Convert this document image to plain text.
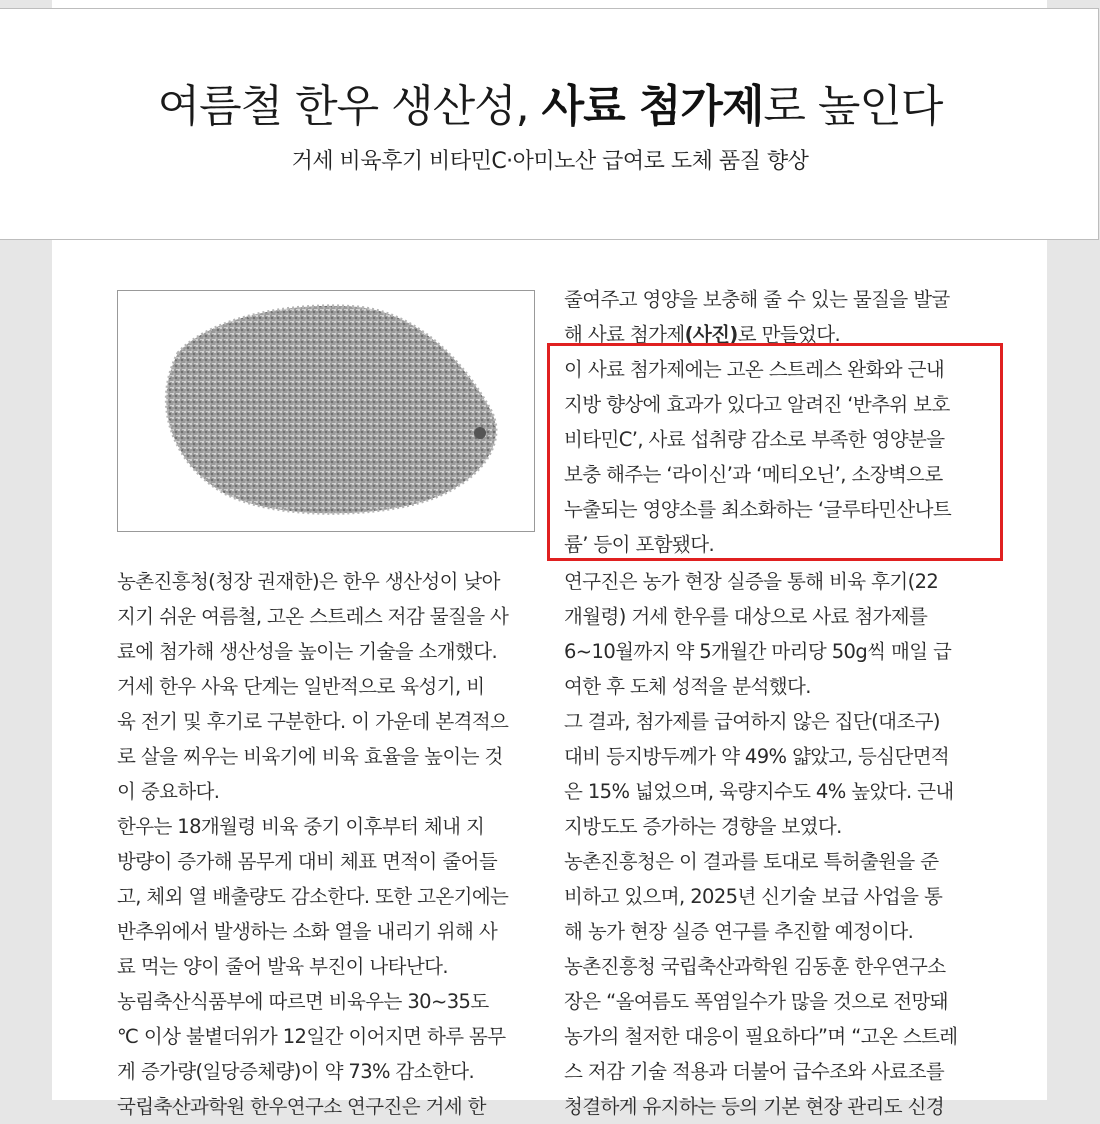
여름철 한우 생산성, 사료 첨가제로 높인다
거세 비육후기 비타민C·아미노산 급여로 도체 품질 향상

농촌진흥청(청장 권재한)은 한우 생산성이 낮아

지기 쉬운 여름철, 고온 스트레스 저감 물질을 사

료에 첨가해 생산성을 높이는 기술을 소개했다.

거세 한우 사육 단계는 일반적으로 육성기, 비

육 전기 및 후기로 구분한다. 이 가운데 본격적으

로 살을 찌우는 비육기에 비육 효율을 높이는 것

이 중요하다.

한우는 18개월령 비육 중기 이후부터 체내 지

방량이 증가해 몸무게 대비 체표 면적이 줄어들

고, 체외 열 배출량도 감소한다. 또한 고온기에는

반추위에서 발생하는 소화 열을 내리기 위해 사

료 먹는 양이 줄어 발육 부진이 나타난다.

농림축산식품부에 따르면 비육우는 30~35도

℃ 이상 불볕더위가 12일간 이어지면 하루 몸무

게 증가량(일당증체량)이 약 73% 감소한다.

국립축산과학원 한우연구소 연구진은 거세 한

줄여주고 영양을 보충해 줄 수 있는 물질을 발굴

해 사료 첨가제(사진)로 만들었다.

이 사료 첨가제에는 고온 스트레스 완화와 근내

지방 향상에 효과가 있다고 알려진 ‘반추위 보호

비타민C’, 사료 섭취량 감소로 부족한 영양분을

보충 해주는 ‘라이신’과 ‘메티오닌’, 소장벽으로

누출되는 영양소를 최소화하는 ‘글루타민산나트

륨’ 등이 포함됐다.

연구진은 농가 현장 실증을 통해 비육 후기(22

개월령) 거세 한우를 대상으로 사료 첨가제를

6~10월까지 약 5개월간 마리당 50g씩 매일 급

여한 후 도체 성적을 분석했다.

그 결과, 첨가제를 급여하지 않은 집단(대조구)

대비 등지방두께가 약 49% 얇았고, 등심단면적

은 15% 넓었으며, 육량지수도 4% 높았다. 근내

지방도도 증가하는 경향을 보였다.

농촌진흥청은 이 결과를 토대로 특허출원을 준

비하고 있으며, 2025년 신기술 보급 사업을 통

해 농가 현장 실증 연구를 추진할 예정이다.

농촌진흥청 국립축산과학원 김동훈 한우연구소

장은 “올여름도 폭염일수가 많을 것으로 전망돼

농가의 철저한 대응이 필요하다”며 “고온 스트레

스 저감 기술 적용과 더불어 급수조와 사료조를

청결하게 유지하는 등의 기본 현장 관리도 신경
